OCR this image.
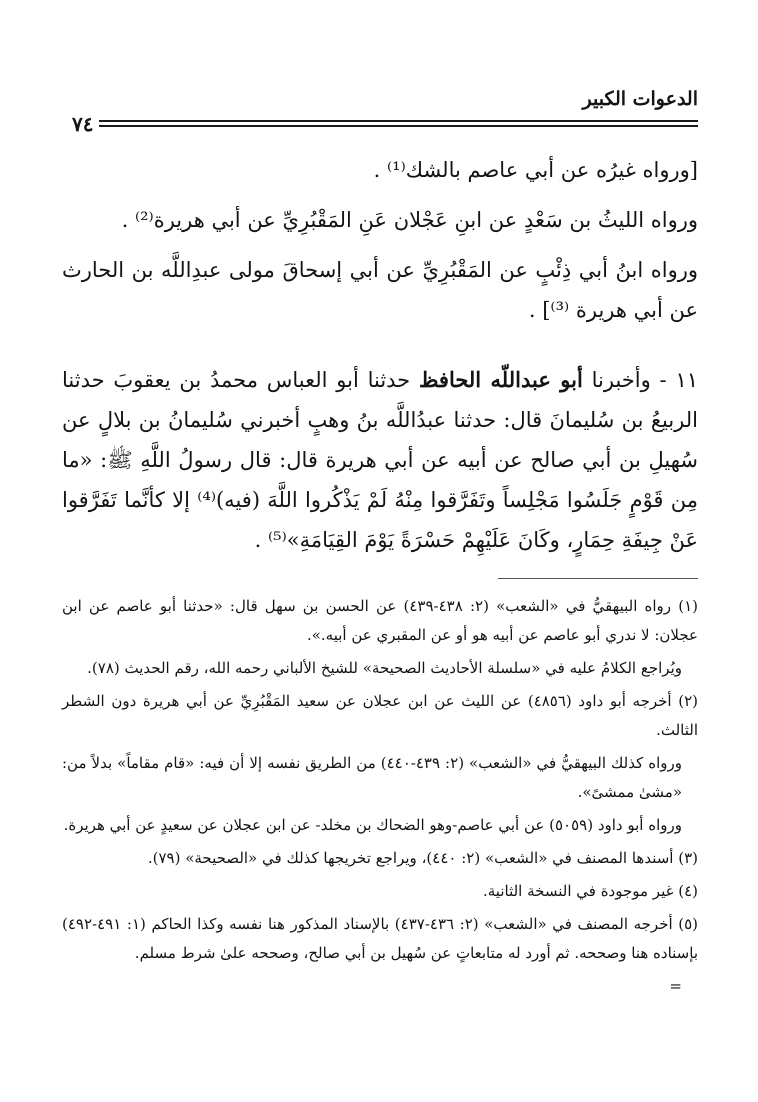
الدعوات الكبير
٧٤

[ورواه غيرُه عن أبي عاصم بالشك⁽¹⁾ .

ورواه الليثُ بن سَعْدٍ عن ابنِ عَجْلان عَنِ المَقْبُرِيِّ عن أبي هريرة⁽²⁾ .

ورواه ابنُ أبي ذِئْبٍ عن المَقْبُرِيِّ عن أبي إسحاقَ مولى عبدِاللَّه بن الحارث عن أبي هريرة ⁽³⁾] .

١١ - وأخبرنا أبو عبداللّه الحافظ حدثنا أبو العباس محمدُ بن يعقوبَ حدثنا الربيعُ بن سُليمانَ قال: حدثنا عبدُاللَّه بنُ وهبٍ أخبرني سُليمانُ بن بلالٍ عن سُهيلِ بن أبي صالح عن أبيه عن أبي هريرة قال: قال رسولُ اللَّهِ ﷺ: «ما مِن قَوْمٍ جَلَسُوا مَجْلِساً وتَفَرَّقوا مِنْهُ لَمْ يَذْكُروا اللَّهَ (فيه)⁽⁴⁾ إلا كأنَّما تَفَرَّقوا عَنْ جِيفَةِ حِمَارٍ، وكَانَ عَلَيْهِمْ حَسْرَةً يَوْمَ القِيَامَةِ»⁽⁵⁾ .

(١) رواه البيهقيُّ في «الشعب» (٢: ٤٣٨-٤٣٩) عن الحسن بن سهل قال: «حدثنا أبو عاصم عن ابن عجلان: لا ندري أبو عاصم عن أبيه هو أو عن المقبري عن أبيه.».

ويُراجع الكلامُ عليه في «سلسلة الأحاديث الصحيحة» للشيخ الألباني رحمه الله، رقم الحديث (٧٨).

(٢) أخرجه أبو داود (٤٨٥٦) عن الليث عن ابن عجلان عن سعيد المَقْبُرِيِّ عن أبي هريرة دون الشطر الثالث.

ورواه كذلك البيهقيُّ في «الشعب» (٢: ٤٣٩-٤٤٠) من الطريق نفسه إلا أن فيه: «قام مقاماً» بدلاً من: «مشىٰ ممشىً».

ورواه أبو داود (٥٠٥٩) عن أبي عاصم-وهو الضحاك بن مخلد- عن ابن عجلان عن سعيدٍ عن أبي هريرة.

(٣) أسندها المصنف في «الشعب» (٢: ٤٤٠)، ويراجع تخريجها كذلك في «الصحيحة» (٧٩).

(٤) غير موجودة في النسخة الثانية.

(٥) أخرجه المصنف في «الشعب» (٢: ٤٣٦-٤٣٧) بالإسناد المذكور هنا نفسه وكذا الحاكم (١: ٤٩١-٤٩٢) بإسناده هنا وصححه. ثم أورد له متابعاتٍ عن سُهيل بن أبي صالح، وصححه علىٰ شرط مسلم.

=
